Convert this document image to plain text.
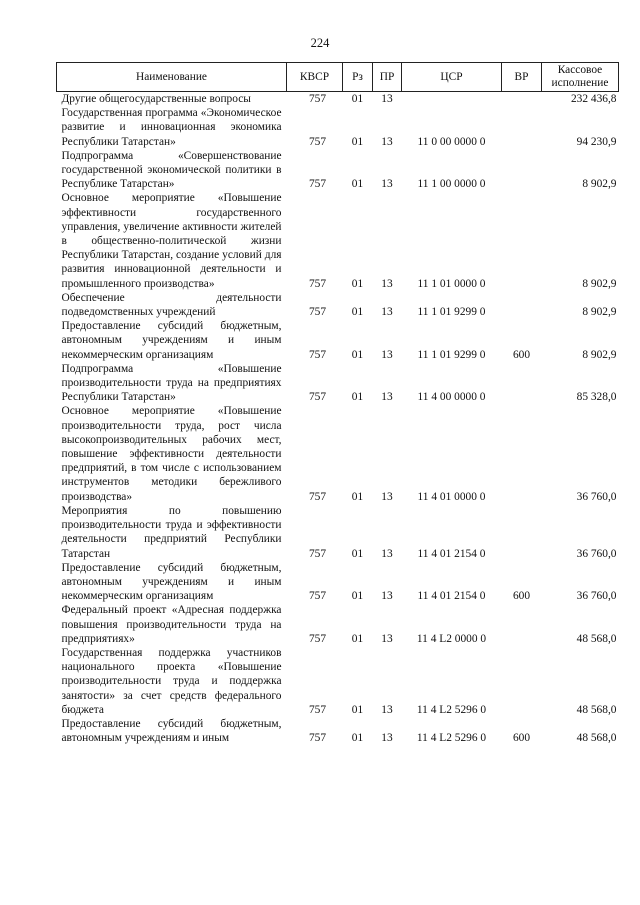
224
Наименование	КВСР	Рз	ПР	ЦСР	ВР	Кассовое исполнение
Другие общегосударственные вопросы	757	01	13			232 436,8
Государственная программа «Экономическое развитие и инновационная экономика Республики Татарстан»	757	01	13	11 0 00 0000 0		94 230,9
Подпрограмма «Совершенствование государственной экономической политики в Республике Татарстан»	757	01	13	11 1 00 0000 0		8 902,9
Основное мероприятие «Повышение эффективности государственного управления, увеличение активности жителей в общественно-политической жизни Республики Татарстан, создание условий для развития инновационной деятельности и промышленного производства»	757	01	13	11 1 01 0000 0		8 902,9
Обеспечение деятельности подведомственных учреждений	757	01	13	11 1 01 9299 0		8 902,9
Предоставление субсидий бюджетным, автономным учреждениям и иным некоммерческим организациям	757	01	13	11 1 01 9299 0	600	8 902,9
Подпрограмма «Повышение производительности труда на предприятиях Республики Татарстан»	757	01	13	11 4 00 0000 0		85 328,0
Основное мероприятие «Повышение производительности труда, рост числа высокопроизводительных рабочих мест, повышение эффективности деятельности предприятий, в том числе с использованием инструментов методики бережливого производства»	757	01	13	11 4 01 0000 0		36 760,0
Мероприятия по повышению производительности труда и эффективности деятельности предприятий Республики Татарстан	757	01	13	11 4 01 2154 0		36 760,0
Предоставление субсидий бюджетным, автономным учреждениям и иным некоммерческим организациям	757	01	13	11 4 01 2154 0	600	36 760,0
Федеральный проект «Адресная поддержка повышения производительности труда на предприятиях»	757	01	13	11 4 L2 0000 0		48 568,0
Государственная поддержка участников национального проекта «Повышение производительности труда и поддержка занятости» за счет средств федерального бюджета	757	01	13	11 4 L2 5296 0		48 568,0
Предоставление субсидий бюджетным, автономным учреждениям и иным	757	01	13	11 4 L2 5296 0	600	48 568,0
